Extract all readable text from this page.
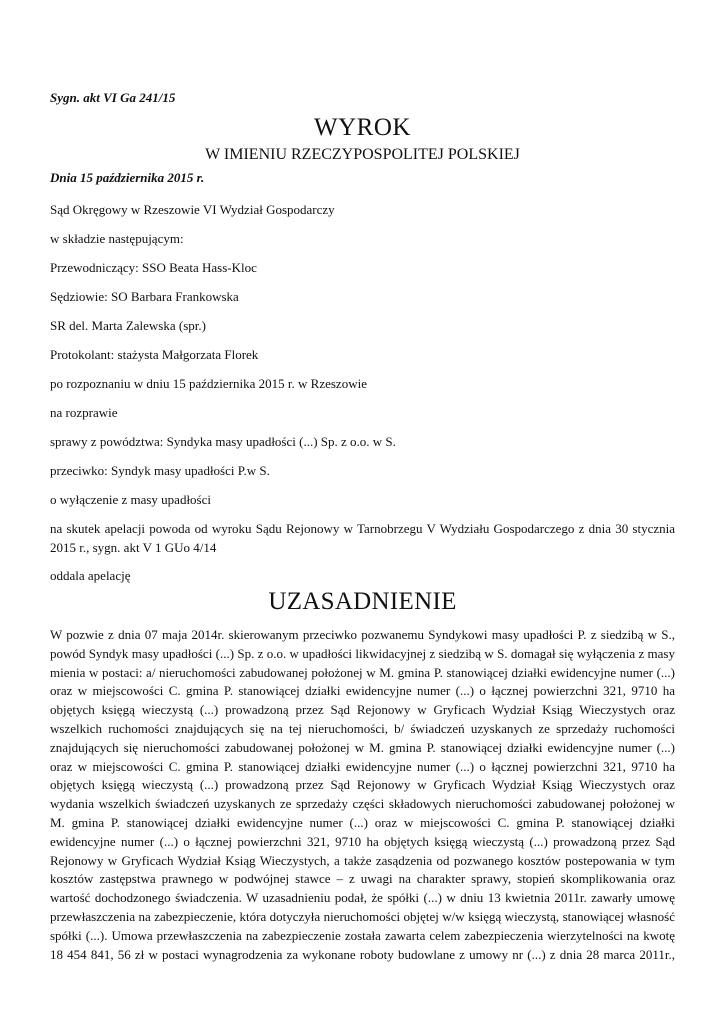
Sygn. akt VI Ga 241/15
WYROK
W IMIENIU RZECZYPOSPOLITEJ POLSKIEJ
Dnia 15 października 2015 r.
Sąd Okręgowy w Rzeszowie VI Wydział Gospodarczy
w składzie następującym:
Przewodniczący: SSO Beata Hass-Kloc
Sędziowie: SO Barbara Frankowska
SR del. Marta Zalewska (spr.)
Protokolant: stażysta Małgorzata Florek
po rozpoznaniu w dniu 15 października 2015 r. w Rzeszowie
na rozprawie
sprawy z powództwa: Syndyka masy upadłości (...) Sp. z o.o. w S.
przeciwko: Syndyk masy upadłości P.w S.
o wyłączenie z masy upadłości
na skutek apelacji powoda od wyroku Sądu Rejonowy w Tarnobrzegu V Wydziału Gospodarczego z dnia 30 stycznia 2015 r., sygn. akt V 1 GUo 4/14
oddala apelację
UZASADNIENIE
W pozwie z dnia 07 maja 2014r. skierowanym przeciwko pozwanemu Syndykowi masy upadłości P. z siedzibą w S., powód Syndyk masy upadłości (...) Sp. z o.o. w upadłości likwidacyjnej z siedzibą w S. domagał się wyłączenia z masy mienia w postaci: a/ nieruchomości zabudowanej położonej w M. gmina P. stanowiącej działki ewidencyjne numer (...) oraz w miejscowości C. gmina P. stanowiącej działki ewidencyjne numer (...) o łącznej powierzchni 321, 9710 ha objętych księgą wieczystą (...) prowadzoną przez Sąd Rejonowy w Gryficach Wydział Ksiąg Wieczystych oraz wszelkich ruchomości znajdujących się na tej nieruchomości, b/ świadczeń uzyskanych ze sprzedaży ruchomości znajdujących się nieruchomości zabudowanej położonej w M. gmina P. stanowiącej działki ewidencyjne numer (...) oraz w miejscowości C. gmina P. stanowiącej działki ewidencyjne numer (...) o łącznej powierzchni 321, 9710 ha objętych księgą wieczystą (...) prowadzoną przez Sąd Rejonowy w Gryficach Wydział Ksiąg Wieczystych oraz wydania wszelkich świadczeń uzyskanych ze sprzedaży części składowych nieruchomości zabudowanej położonej w M. gmina P. stanowiącej działki ewidencyjne numer (...) oraz w miejscowości C. gmina P. stanowiącej działki ewidencyjne numer (...) o łącznej powierzchni 321, 9710 ha objętych księgą wieczystą (...) prowadzoną przez Sąd Rejonowy w Gryficach Wydział Ksiąg Wieczystych, a także zasądzenia od pozwanego kosztów postepowania w tym kosztów zastępstwa prawnego w podwójnej stawce – z uwagi na charakter sprawy, stopień skomplikowania oraz wartość dochodzonego świadczenia. W uzasadnieniu podał, że spółki (...) w dniu 13 kwietnia 2011r. zawarły umowę przewłaszczenia na zabezpieczenie, która dotyczyła nieruchomości objętej w/w księgą wieczystą, stanowiącej własność spółki (...). Umowa przewłaszczenia na zabezpieczenie została zawarta celem zabezpieczenia wierzytelności na kwotę 18 454 841, 56 zł w postaci wynagrodzenia za wykonane roboty budowlane z umowy nr (...) z dnia 28 marca 2011r.,
